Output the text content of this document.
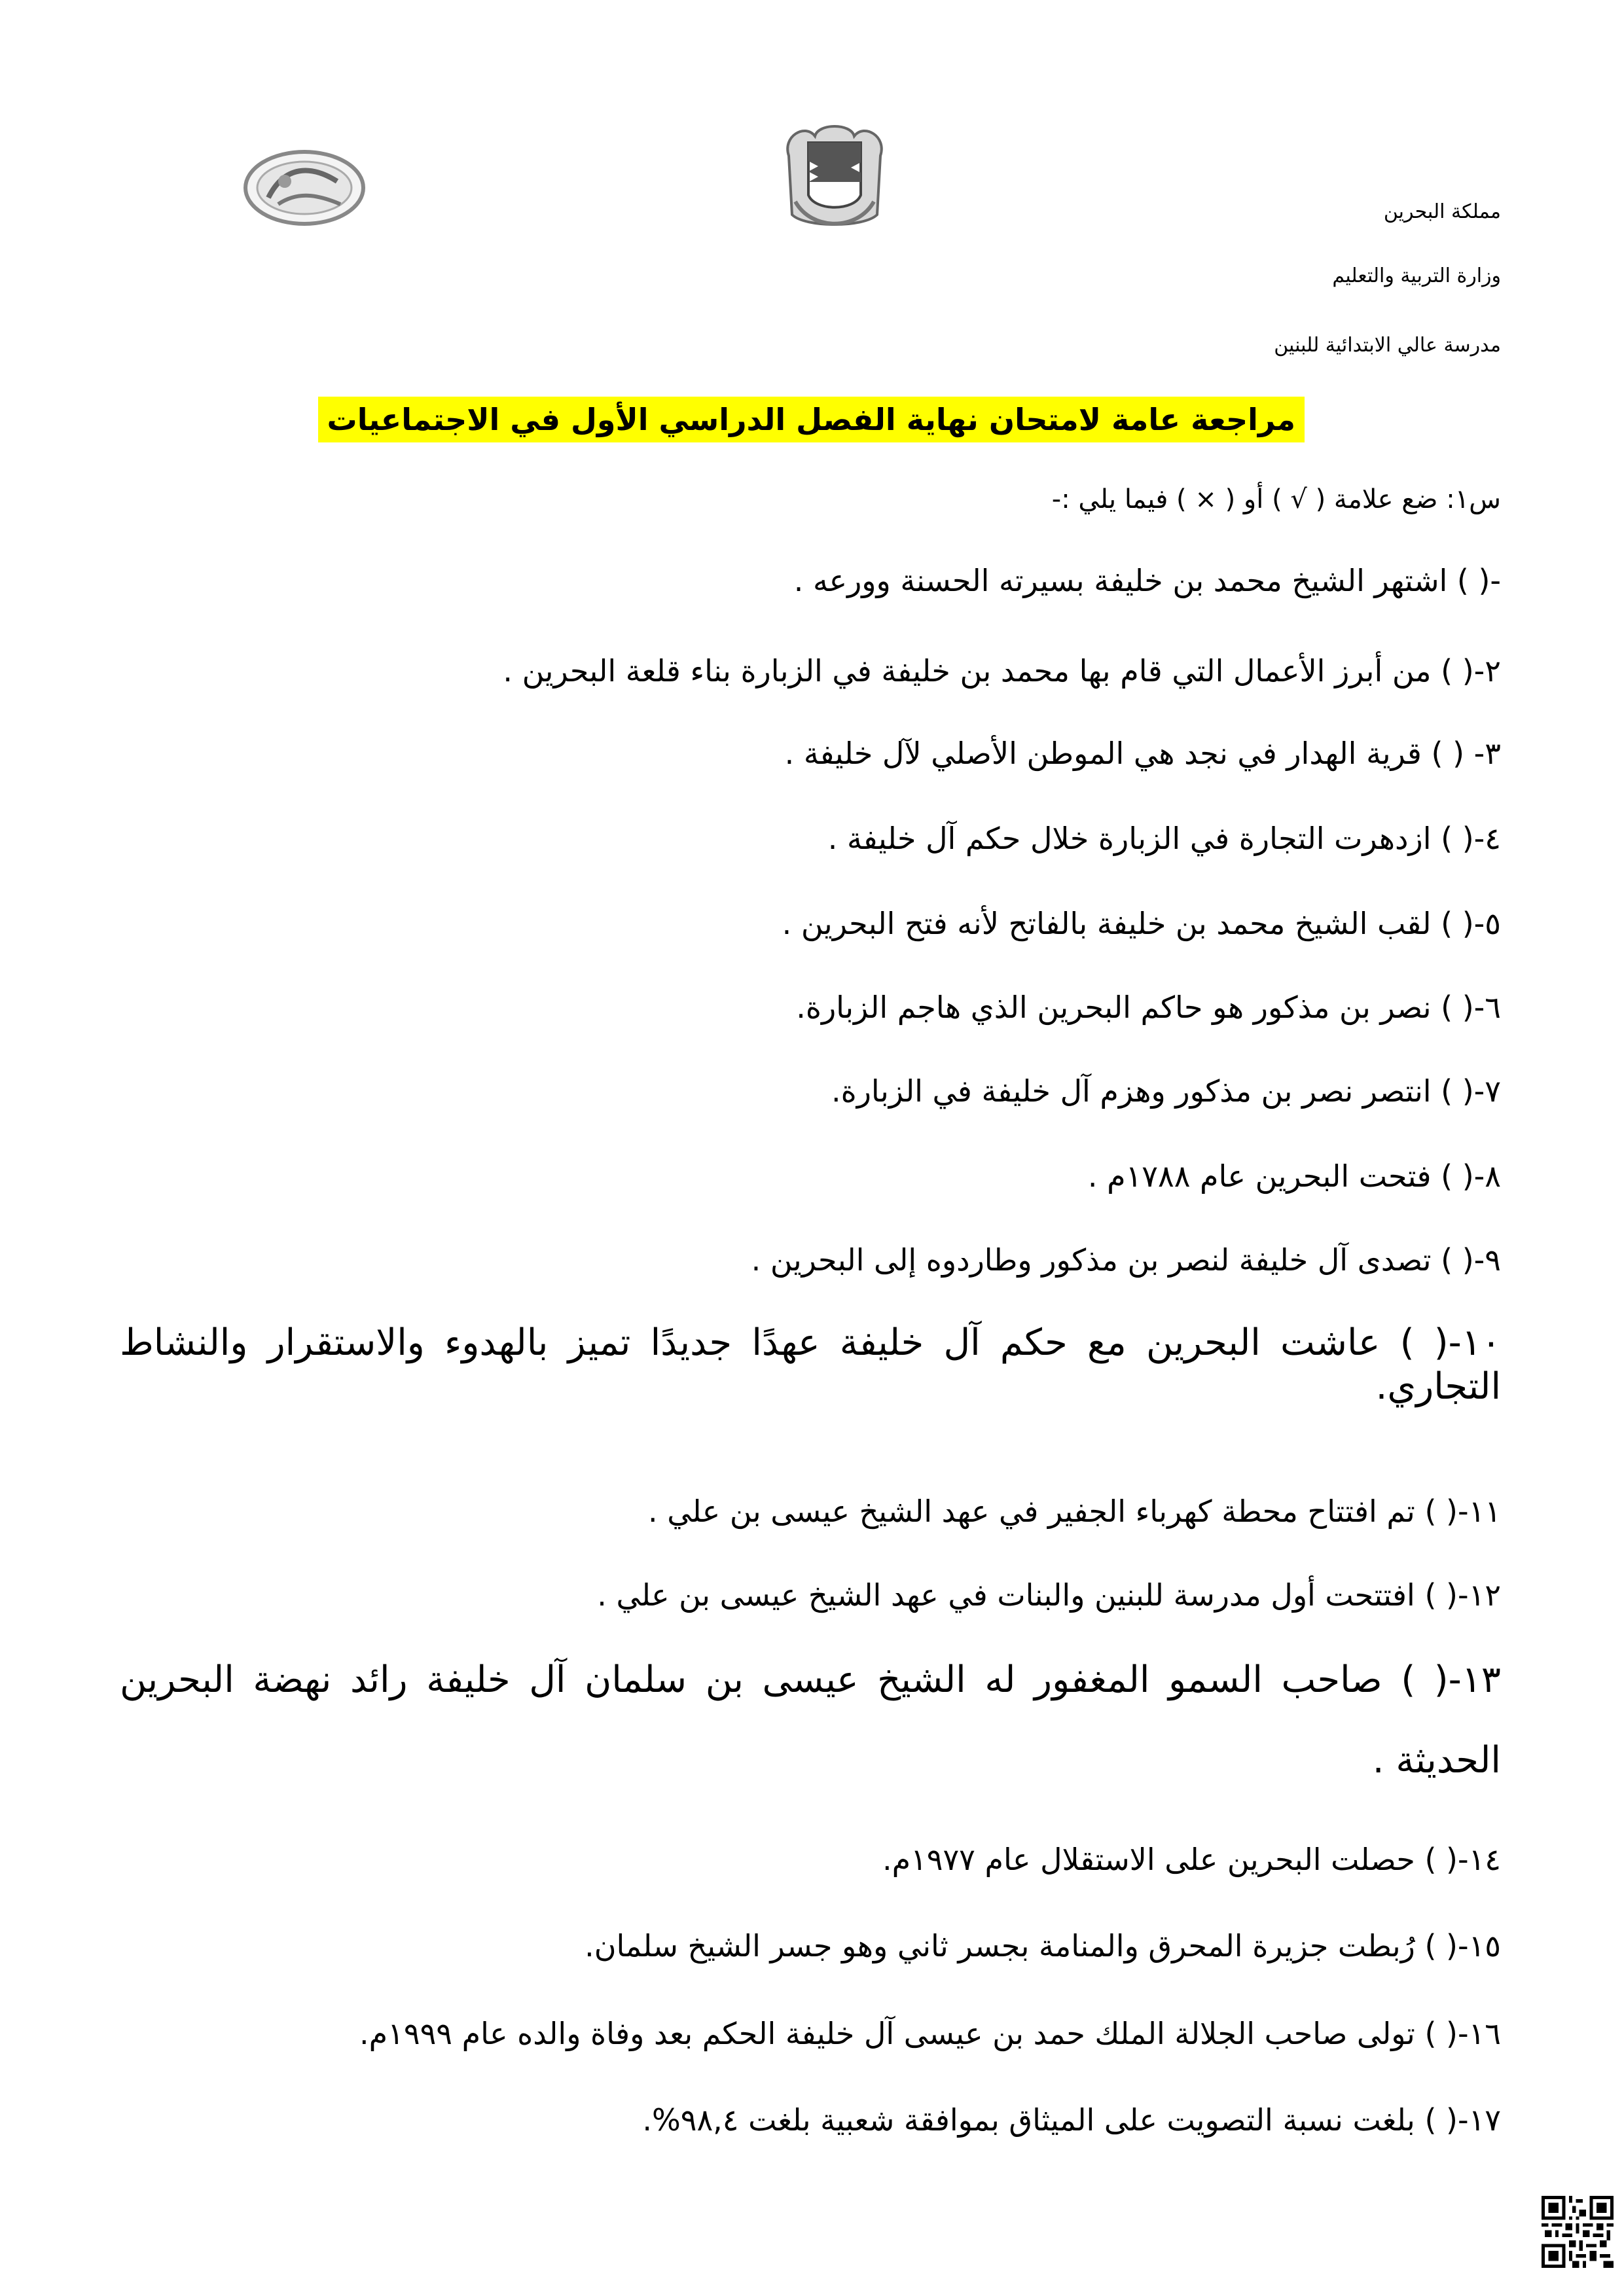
مملكة البحرين
وزارة التربية والتعليم
مدرسة عالي الابتدائية للبنين
مراجعة عامة لامتحان نهاية الفصل الدراسي الأول في الاجتماعيات
س١: ضع علامة ( √ ) أو ( × ) فيما يلي :-
-( ) اشتهر الشيخ محمد بن خليفة بسيرته الحسنة وورعه .
٢-( ) من أبرز الأعمال التي قام بها محمد بن خليفة في الزبارة بناء قلعة البحرين .
٣- ( ) قرية الهدار في نجد هي الموطن الأصلي لآل خليفة .
٤-( ) ازدهرت التجارة في الزبارة خلال حكم آل خليفة .
٥-( ) لقب الشيخ محمد بن خليفة بالفاتح لأنه فتح البحرين .
٦-( ) نصر بن مذكور هو حاكم البحرين الذي هاجم الزبارة.
٧-( ) انتصر نصر بن مذكور وهزم آل خليفة في الزبارة.
٨-( ) فتحت البحرين عام ١٧٨٨م .
٩-( ) تصدى آل خليفة لنصر بن مذكور وطاردوه إلى البحرين .
١٠-( ) عاشت البحرين مع حكم آل خليفة عهدًا جديدًا تميز بالهدوء والاستقرار والنشاط التجاري.
١١-( ) تم افتتاح محطة كهرباء الجفير في عهد الشيخ عيسى بن علي .
١٢-( ) افتتحت أول مدرسة للبنين والبنات في عهد الشيخ عيسى بن علي .
١٣-( ) صاحب السمو المغفور له الشيخ عيسى بن سلمان آل خليفة رائد نهضة البحرين الحديثة .
١٤-( ) حصلت البحرين على الاستقلال عام ١٩٧٧م.
١٥-( ) رُبطت جزيرة المحرق والمنامة بجسر ثاني وهو جسر الشيخ سلمان.
١٦-( ) تولى صاحب الجلالة الملك حمد بن عيسى آل خليفة الحكم بعد وفاة والده عام ١٩٩٩م.
١٧-( ) بلغت نسبة التصويت على الميثاق بموافقة شعبية بلغت ٩٨,٤%.
